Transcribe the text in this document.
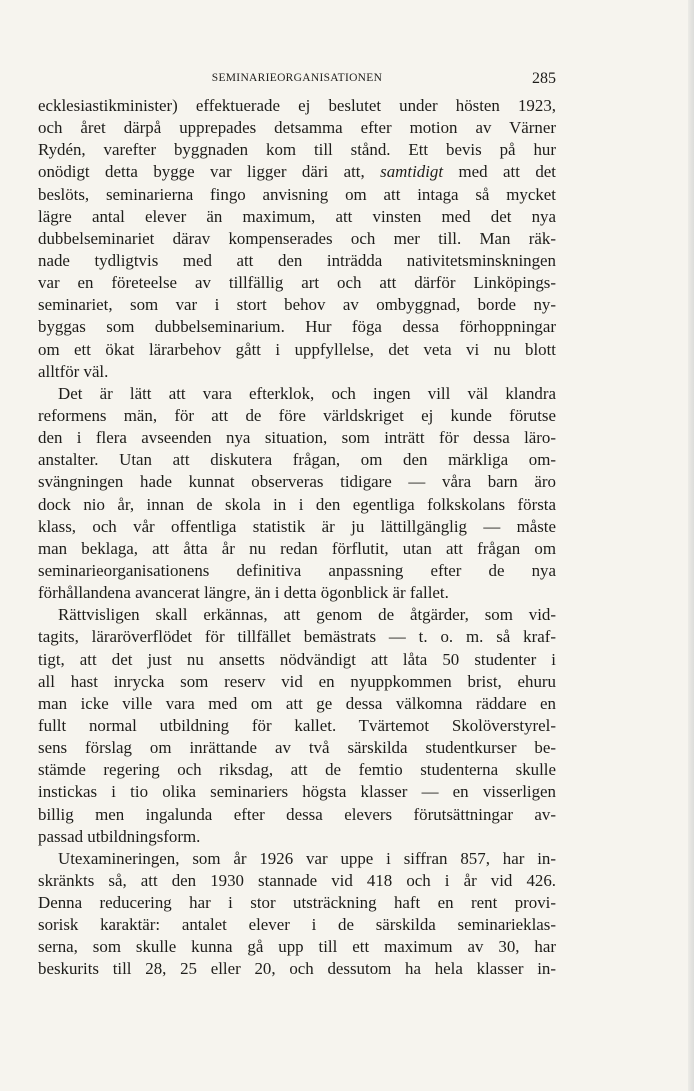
SEMINARIEORGANISATIONEN	285
ecklesiastikminister) effektuerade ej beslutet under hösten 1923,
och året därpå upprepades detsamma efter motion av Värner
Rydén, varefter byggnaden kom till stånd. Ett bevis på hur
onödigt detta bygge var ligger däri att, samtidigt med att det
beslöts, seminarierna fingo anvisning om att intaga så mycket
lägre antal elever än maximum, att vinsten med det nya
dubbelseminariet därav kompenserades och mer till. Man räk-
nade tydligtvis med att den inträdda nativitetsminskningen
var en företeelse av tillfällig art och att därför Linköpings-
seminariet, som var i stort behov av ombyggnad, borde ny-
byggas som dubbelseminarium. Hur föga dessa förhoppningar
om ett ökat lärarbehov gått i uppfyllelse, det veta vi nu blott
alltför väl.
Det är lätt att vara efterklok, och ingen vill väl klandra
reformens män, för att de före världskriget ej kunde förutse
den i flera avseenden nya situation, som inträtt för dessa läro-
anstalter. Utan att diskutera frågan, om den märkliga om-
svängningen hade kunnat observeras tidigare — våra barn äro
dock nio år, innan de skola in i den egentliga folkskolans första
klass, och vår offentliga statistik är ju lättillgänglig — måste
man beklaga, att åtta år nu redan förflutit, utan att frågan om
seminarieorganisationens definitiva anpassning efter de nya
förhållandena avancerat längre, än i detta ögonblick är fallet.
Rättvisligen skall erkännas, att genom de åtgärder, som vid-
tagits, läraröverflödet för tillfället bemästrats — t. o. m. så kraf-
tigt, att det just nu ansetts nödvändigt att låta 50 studenter i
all hast inrycka som reserv vid en nyuppkommen brist, ehuru
man icke ville vara med om att ge dessa välkomna räddare en
fullt normal utbildning för kallet. Tvärtemot Skolöverstyrel-
sens förslag om inrättande av två särskilda studentkurser be-
stämde regering och riksdag, att de femtio studenterna skulle
instickas i tio olika seminariers högsta klasser — en visserligen
billig men ingalunda efter dessa elevers förutsättningar av-
passad utbildningsform.
Utexamineringen, som år 1926 var uppe i siffran 857, har in-
skränkts så, att den 1930 stannade vid 418 och i år vid 426.
Denna reducering har i stor utsträckning haft en rent provi-
sorisk karaktär: antalet elever i de särskilda seminarieklas-
serna, som skulle kunna gå upp till ett maximum av 30, har
beskurits till 28, 25 eller 20, och dessutom ha hela klasser in-
